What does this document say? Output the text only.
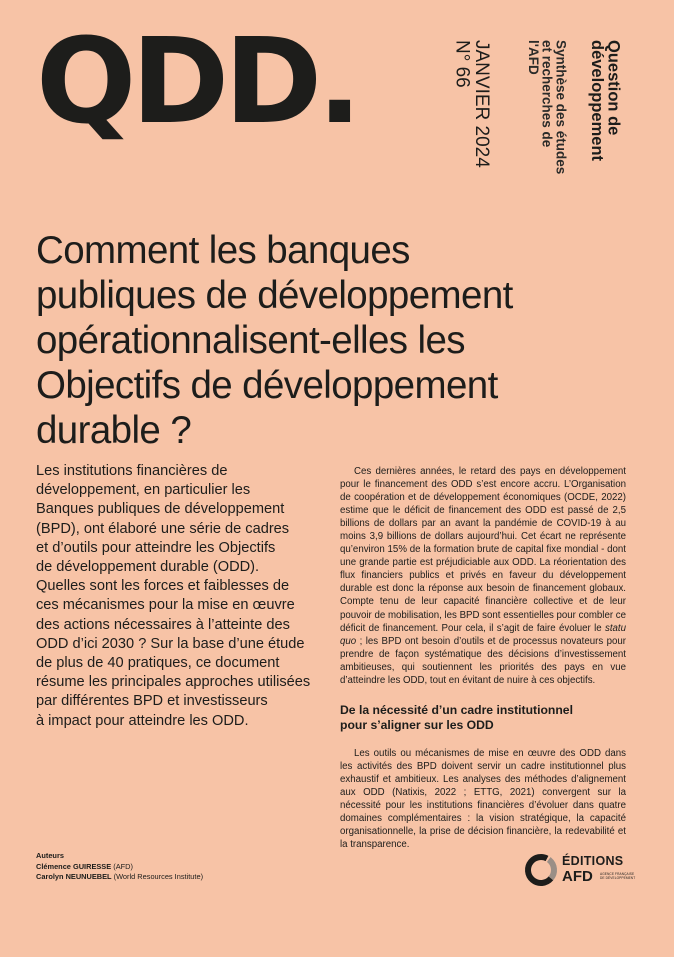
QDD.	Question de
développement
Synthèse des études
et recherches de
l'AFD
JANVIER 2024
N° 66
Comment les banques
publiques de développement
opérationnalisent-elles les
Objectifs de développement
durable ?
Les institutions financières de
développement, en particulier les
Banques publiques de développement
(BPD), ont élaboré une série de cadres
et d’outils pour atteindre les Objectifs
de développement durable (ODD).
Quelles sont les forces et faiblesses de
ces mécanismes pour la mise en œuvre
des actions nécessaires à l’atteinte des
ODD d’ici 2030 ? Sur la base d’une étude
de plus de 40 pratiques, ce document
résume les principales approches utilisées
par différentes BPD et investisseurs
à impact pour atteindre les ODD.

Ces dernières années, le retard des pays en développement pour le financement des ODD s’est encore accru. L’Organisation de coopération et de développement économiques (OCDE, 2022) estime que le déficit de financement des ODD est passé de 2,5 billions de dollars par an avant la pandémie de COVID-19 à au moins 3,9 billions de dollars aujourd’hui. Cet écart ne représente qu’environ 15% de la formation brute de capital fixe mondial - dont une grande partie est préjudiciable aux ODD. La réorientation des flux financiers publics et privés en faveur du développement durable est donc la réponse aux besoin de financement globaux. Compte tenu de leur capacité financière collective et de leur pouvoir de mobilisation, les BPD sont essentielles pour combler ce déficit de financement. Pour cela, il s’agit de faire évoluer le statu quo ; les BPD ont besoin d’outils et de processus novateurs pour prendre de façon systématique des décisions d’investissement ambitieuses, qui soutiennent les priorités des pays en vue d’atteindre les ODD, tout en évitant de nuire à ces objectifs.

De la nécessité d’un cadre institutionnel
pour s’aligner sur les ODD

Les outils ou mécanismes de mise en œuvre des ODD dans les activités des BPD doivent servir un cadre institutionnel plus exhaustif et ambitieux. Les analyses des méthodes d’alignement aux ODD (Natixis, 2022 ; ETTG, 2021) convergent sur la nécessité pour les institutions financières d’évoluer dans quatre domaines complémentaires : la vision stratégique, la capacité organisationnelle, la prise de décision financière, la redevabilité et la transparence.

Auteurs
Clémence GUIRESSE (AFD)
Carolyn NEUNUEBEL (World Resources Institute)
ÉDITIONS
AFD AGENCE FRANÇAISE
DE DÉVELOPPEMENT
